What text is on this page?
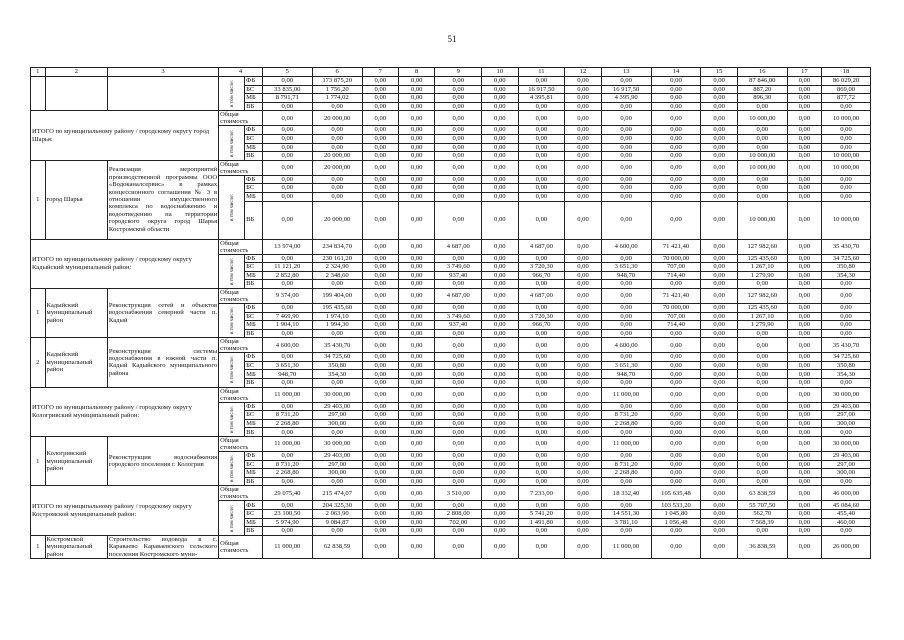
51
1	2	3	4		5	6	7	8	9	10	11	12	13	14	15	16	17	18

			в том числе:	ФБ	0,00	173 875,20	0,00	0,00	0,00	0,00	0,00	0,00	0,00	0,00	0,00	87 846,00	0,00	86 029,20
				БС	33 835,00	1 756,20	0,00	0,00	0,00	0,00	16 917,50	0,00	16 917,50	0,00	0,00	887,20	0,00	869,00
				МБ	8 791,71	1 774,02	0,00	0,00	0,00	0,00	4 395,81	0,00	4 395,90	0,00	0,00	896,30	0,00	877,72
				ВБ	0,00	0,00	0,00	0,00	0,00	0,00	0,00	0,00	0,00	0,00	0,00	0,00	0,00	0,00
ИТОГО по муниципальному району / городскому округу город Шарья:			Общая стоимость		0,00	20 000,00	0,00	0,00	0,00	0,00	0,00	0,00	0,00	0,00	0,00	10 000,00	0,00	10 000,00

			в том числе:	ФБ	0,00	0,00	0,00	0,00	0,00	0,00	0,00	0,00	0,00	0,00	0,00	0,00	0,00	0,00
				БС	0,00	0,00	0,00	0,00	0,00	0,00	0,00	0,00	0,00	0,00	0,00	0,00	0,00	0,00
				МБ	0,00	0,00	0,00	0,00	0,00	0,00	0,00	0,00	0,00	0,00	0,00	0,00	0,00	0,00
				ВБ	0,00	20 000,00	0,00	0,00	0,00	0,00	0,00	0,00	0,00	0,00	0,00	10 000,00	0,00	10 000,00
1	город Шарья	Реализация мероприятий производственной программы ООО «Водоканалсервис» в рамках концессионного соглашения № 3 в отношении имущественного комплекса по водоснабжению и водоотведению на территории городского округа город Шарья Костромской области	Общая стоимость		0,00	20 000,00	0,00	0,00	0,00	0,00	0,00	0,00	0,00	0,00	0,00	10 000,00	0,00	10 000,00

			в том числе:	ФБ	0,00	0,00	0,00	0,00	0,00	0,00	0,00	0,00	0,00	0,00	0,00	0,00	0,00	0,00
				БС	0,00	0,00	0,00	0,00	0,00	0,00	0,00	0,00	0,00	0,00	0,00	0,00	0,00	0,00
				МБ	0,00	0,00	0,00	0,00	0,00	0,00	0,00	0,00	0,00	0,00	0,00	0,00	0,00	0,00
				ВБ	0,00	20 000,00	0,00	0,00	0,00	0,00	0,00	0,00	0,00	0,00	0,00	10 000,00	0,00	10 000,00
ИТОГО по муниципальному району / городскому округу Кадыйский муниципальный район:			Общая стоимость		13 974,00	234 834,70	0,00	0,00	4 687,00	0,00	4 687,00	0,00	4 600,00	71 421,40	0,00	127 982,60	0,00	35 430,70

			в том числе:	ФБ	0,00	230 161,20	0,00	0,00	0,00	0,00	0,00	0,00	0,00	70 000,00	0,00	125 435,60	0,00	34 725,60
				БС	11 121,20	2 324,90	0,00	0,00	3 749,60	0,00	3 720,30	0,00	3 651,30	707,00	0,00	1 267,10	0,00	350,80
				МБ	2 852,80	2 348,60	0,00	0,00	937,40	0,00	966,70	0,00	948,70	714,40	0,00	1 279,90	0,00	354,30
				ВБ	0,00	0,00	0,00	0,00	0,00	0,00	0,00	0,00	0,00	0,00	0,00	0,00	0,00	0,00
1	Кадыйский муниципальный район	Реконструкция сетей и объектов водоснабжения северной части п. Кадый	Общая стоимость		9 374,00	199 404,00	0,00	0,00	4 687,00	0,00	4 687,00	0,00	0,00	71 421,40	0,00	127 982,60	0,00	0,00

			в том числе:	ФБ	0,00	195 435,60	0,00	0,00	0,00	0,00	0,00	0,00	0,00	70 000,00	0,00	125 435,60	0,00	0,00
				БС	7 469,90	1 974,10	0,00	0,00	3 749,60	0,00	3 720,30	0,00	0,00	707,00	0,00	1 267,10	0,00	0,00
				МБ	1 904,10	1 994,30	0,00	0,00	937,40	0,00	966,70	0,00	0,00	714,40	0,00	1 279,90	0,00	0,00
				ВБ	0,00	0,00	0,00	0,00	0,00	0,00	0,00	0,00	0,00	0,00	0,00	0,00	0,00	0,00
2	Кадыйский муниципальный район	Реконструкция системы водоснабжения в южной части п. Кадый Кадыйского муниципального района	Общая стоимость		4 600,00	35 430,70	0,00	0,00	0,00	0,00	0,00	0,00	4 600,00	0,00	0,00	0,00	0,00	35 430,70

			в том числе:	ФБ	0,00	34 725,60	0,00	0,00	0,00	0,00	0,00	0,00	0,00	0,00	0,00	0,00	0,00	34 725,60
				БС	3 651,30	350,80	0,00	0,00	0,00	0,00	0,00	0,00	3 651,30	0,00	0,00	0,00	0,00	350,80
				МБ	948,70	354,30	0,00	0,00	0,00	0,00	0,00	0,00	948,70	0,00	0,00	0,00	0,00	354,30
				ВБ	0,00	0,00	0,00	0,00	0,00	0,00	0,00	0,00	0,00	0,00	0,00	0,00	0,00	0,00
ИТОГО по муниципальному району / городскому округу Кологривский муниципальный район:			Общая стоимость		11 000,00	30 000,00	0,00	0,00	0,00	0,00	0,00	0,00	11 000,00	0,00	0,00	0,00	0,00	30 000,00

			в том числе:	ФБ	0,00	29 403,00	0,00	0,00	0,00	0,00	0,00	0,00	0,00	0,00	0,00	0,00	0,00	29 403,00
				БС	8 731,20	297,00	0,00	0,00	0,00	0,00	0,00	0,00	8 731,20	0,00	0,00	0,00	0,00	297,00
				МБ	2 268,80	300,00	0,00	0,00	0,00	0,00	0,00	0,00	2 268,80	0,00	0,00	0,00	0,00	300,00
				ВБ	0,00	0,00	0,00	0,00	0,00	0,00	0,00	0,00	0,00	0,00	0,00	0,00	0,00	0,00
1	Кологривский муниципальный район	Реконструкция водоснабжения городского поселения г. Кологрив	Общая стоимость		11 000,00	30 000,00	0,00	0,00	0,00	0,00	0,00	0,00	11 000,00	0,00	0,00	0,00	0,00	30 000,00

			в том числе:	ФБ	0,00	29 403,00	0,00	0,00	0,00	0,00	0,00	0,00	0,00	0,00	0,00	0,00	0,00	29 403,00
				БС	8 731,20	297,00	0,00	0,00	0,00	0,00	0,00	0,00	8 731,20	0,00	0,00	0,00	0,00	297,00
				МБ	2 268,80	300,00	0,00	0,00	0,00	0,00	0,00	0,00	2 268,80	0,00	0,00	0,00	0,00	300,00
				ВБ	0,00	0,00	0,00	0,00	0,00	0,00	0,00	0,00	0,00	0,00	0,00	0,00	0,00	0,00
ИТОГО по муниципальному району / городскому округу Костромской муниципальный район:			Общая стоимость		29 075,40	215 474,07	0,00	0,00	3 510,00	0,00	7 233,00	0,00	18 332,40	105 635,48	0,00	63 838,59	0,00	46 000,00

			в том числе:	ФБ	0,00	204 325,30	0,00	0,00	0,00	0,00	0,00	0,00	0,00	103 533,20	0,00	55 707,50	0,00	45 084,60
				БС	23 100,50	2 063,90	0,00	0,00	2 808,00	0,00	5 741,20	0,00	14 551,30	1 045,80	0,00	562,70	0,00	455,40
				МБ	5 974,90	9 084,87	0,00	0,00	702,00	0,00	1 491,80	0,00	3 781,10	1 056,48	0,00	7 568,39	0,00	460,00
				ВБ	0,00	0,00	0,00	0,00	0,00	0,00	0,00	0,00	0,00	0,00	0,00	0,00	0,00	0,00
1	Костромской муниципальный район	Строительство водовода в с. Караваево Караваевского сельского поселения Костромского муни-	Общая стоимость		11 000,00	62 838,59	0,00	0,00	0,00	0,00	0,00	0,00	11 000,00	0,00	0,00	36 838,59	0,00	26 000,00
